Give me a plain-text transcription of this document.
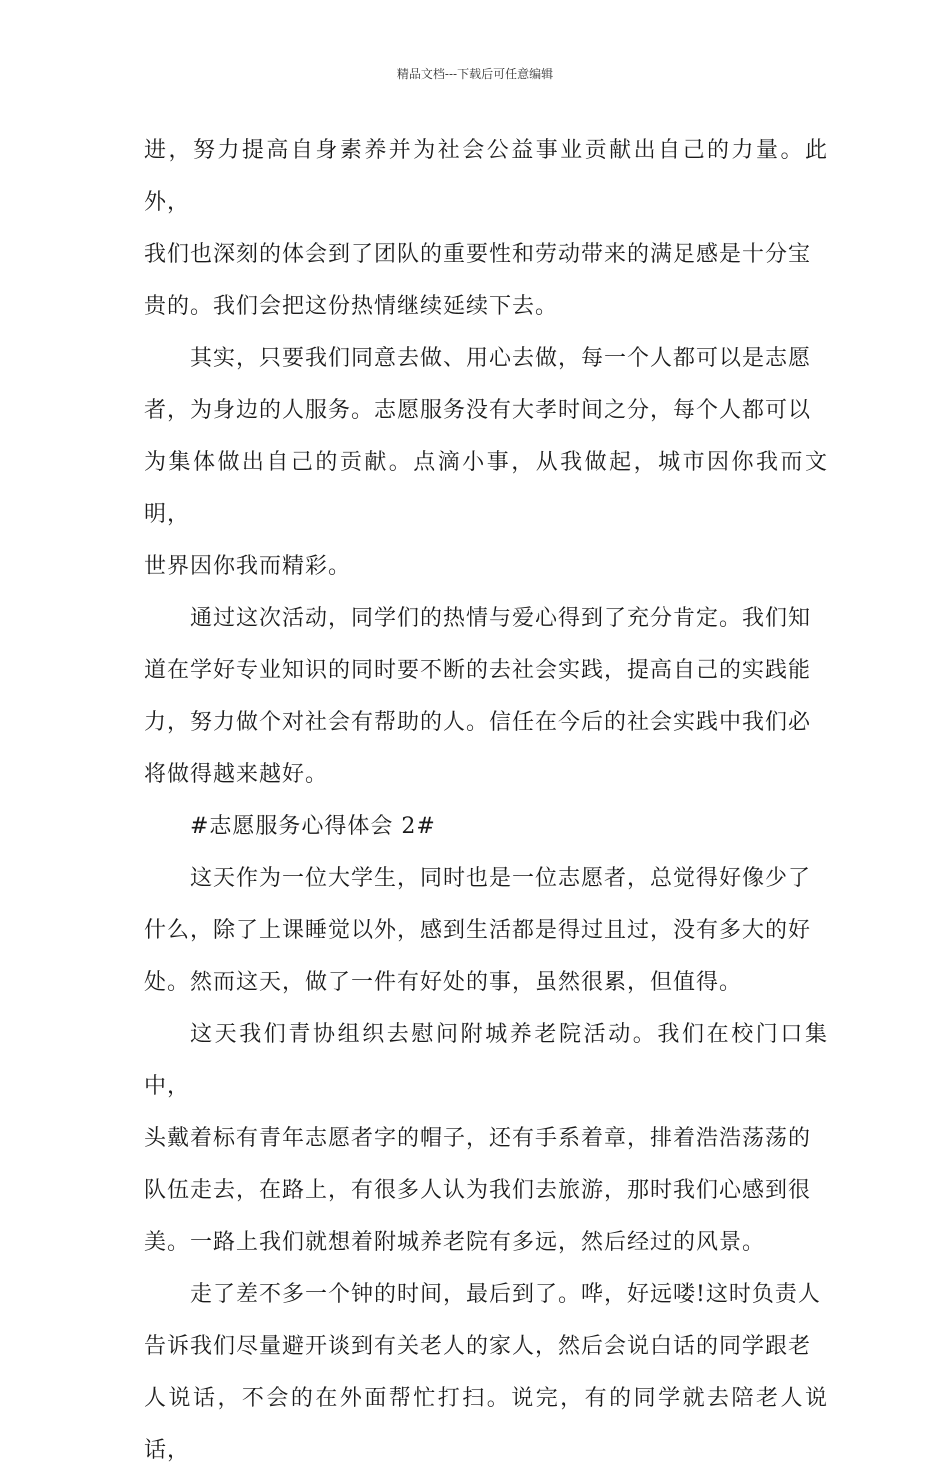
精品文档---下载后可任意编辑
进，努力提高自身素养并为社会公益事业贡献出自己的力量。此外，
我们也深刻的体会到了团队的重要性和劳动带来的满足感是十分宝
贵的。我们会把这份热情继续延续下去。
其实，只要我们同意去做、用心去做，每一个人都可以是志愿
者，为身边的人服务。志愿服务没有大孝时间之分，每个人都可以
为集体做出自己的贡献。点滴小事，从我做起，城市因你我而文明，
世界因你我而精彩。
通过这次活动，同学们的热情与爱心得到了充分肯定。我们知
道在学好专业知识的同时要不断的去社会实践，提高自己的实践能
力，努力做个对社会有帮助的人。信任在今后的社会实践中我们必
将做得越来越好。
#志愿服务心得体会 2#
这天作为一位大学生，同时也是一位志愿者，总觉得好像少了
什么，除了上课睡觉以外，感到生活都是得过且过，没有多大的好
处。然而这天，做了一件有好处的事，虽然很累，但值得。
这天我们青协组织去慰问附城养老院活动。我们在校门口集中，
头戴着标有青年志愿者字的帽子，还有手系着章，排着浩浩荡荡的
队伍走去，在路上，有很多人认为我们去旅游，那时我们心感到很
美。一路上我们就想着附城养老院有多远，然后经过的风景。
走了差不多一个钟的时间，最后到了。哗，好远喽!这时负责人
告诉我们尽量避开谈到有关老人的家人，然后会说白话的同学跟老
人说话，不会的在外面帮忙打扫。说完，有的同学就去陪老人说话，
